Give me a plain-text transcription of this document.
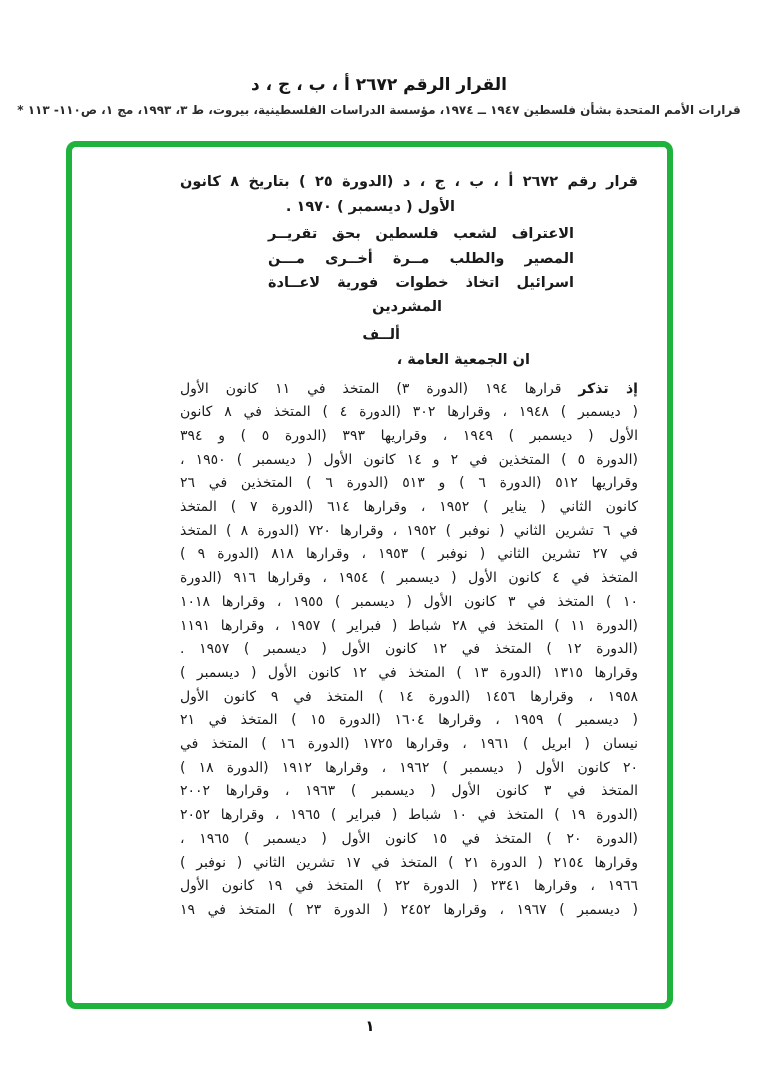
القرار الرقم ٢٦٧٢ أ ، ب ، ج ، د
قرارات الأمم المتحدة بشأن فلسطين ١٩٤٧ ــ ١٩٧٤، مؤسسة الدراسات الفلسطينية، بيروت، ط ٣، ١٩٩٣، مج ١، ص١١٠- ١١٣ *
قرار رقم ٢٦٧٢ أ ، ب ، ج ، د (الدورة ٢٥ ) بتاريخ ٨ كانون
الأول ( ديسمبر ) ١٩٧٠ .
الاعتراف لشعب فلسطين بحق تقريــر
المصير والطلب مــرة أخــرى مـــن
اسرائيل اتخاذ خطوات فورية لاعــادة
المشردين
ألــف
ان الجمعية العامة ،
إذ تذكر قرارها ١٩٤ (الدورة ٣) المتخذ في ١١ كانون الأول
( ديسمبر ) ١٩٤٨ ، وقرارها ٣٠٢ (الدورة ٤ ) المتخذ في ٨ كانون
الأول ( ديسمبر ) ١٩٤٩ ، وقراريها ٣٩٣ (الدورة ٥ ) و ٣٩٤
(الدورة ٥ ) المتخذين في ٢ و ١٤ كانون الأول ( ديسمبر ) ١٩٥٠ ،
وقراريها ٥١٢ (الدورة ٦ ) و ٥١٣ (الدورة ٦ ) المتخذين في ٢٦
كانون الثاني ( يناير ) ١٩٥٢ ، وقرارها ٦١٤ (الدورة ٧ ) المتخذ
في ٦ تشرين الثاني ( نوفبر ) ١٩٥٢ ، وقرارها ٧٢٠ (الدورة ٨ ) المتخذ
في ٢٧ تشرين الثاني ( نوفبر ) ١٩٥٣ ، وقرارها ٨١٨ (الدورة ٩ )
المتخذ في ٤ كانون الأول ( ديسمبر ) ١٩٥٤ ، وقرارها ٩١٦ (الدورة
١٠ ) المتخذ في ٣ كانون الأول ( ديسمبر ) ١٩٥٥ ، وقرارها ١٠١٨
(الدورة ١١ ) المتخذ في ٢٨ شباط ( فبراير ) ١٩٥٧ ، وقرارها ١١٩١
(الدورة ١٢ ) المتخذ في ١٢ كانون الأول ( ديسمبر ) ١٩٥٧ .
وقرارها ١٣١٥ (الدورة ١٣ ) المتخذ في ١٢ كانون الأول ( ديسمبر )
١٩٥٨ ، وقرارها ١٤٥٦ (الدورة ١٤ ) المتخذ في ٩ كانون الأول
( ديسمبر ) ١٩٥٩ ، وقرارها ١٦٠٤ (الدورة ١٥ ) المتخذ في ٢١
نيسان ( ابريل ) ١٩٦١ ، وقرارها ١٧٢٥ (الدورة ١٦ ) المتخذ في
٢٠ كانون الأول ( ديسمبر ) ١٩٦٢ ، وقرارها ١٩١٢ (الدورة ١٨ )
المتخذ في ٣ كانون الأول ( ديسمبر ) ١٩٦٣ ، وقرارها ٢٠٠٢
(الدورة ١٩ ) المتخذ في ١٠ شباط ( فبراير ) ١٩٦٥ ، وقرارها ٢٠٥٢
(الدورة ٢٠ ) المتخذ في ١٥ كانون الأول ( ديسمبر ) ١٩٦٥ ،
وقرارها ٢١٥٤ ( الدورة ٢١ ) المتخذ في ١٧ تشرين الثاني ( نوفبر )
١٩٦٦ ، وقرارها ٢٣٤١ ( الدورة ٢٢ ) المتخذ في ١٩ كانون الأول
( ديسمبر ) ١٩٦٧ ، وقرارها ٢٤٥٢ ( الدورة ٢٣ ) المتخذ في ١٩
١
